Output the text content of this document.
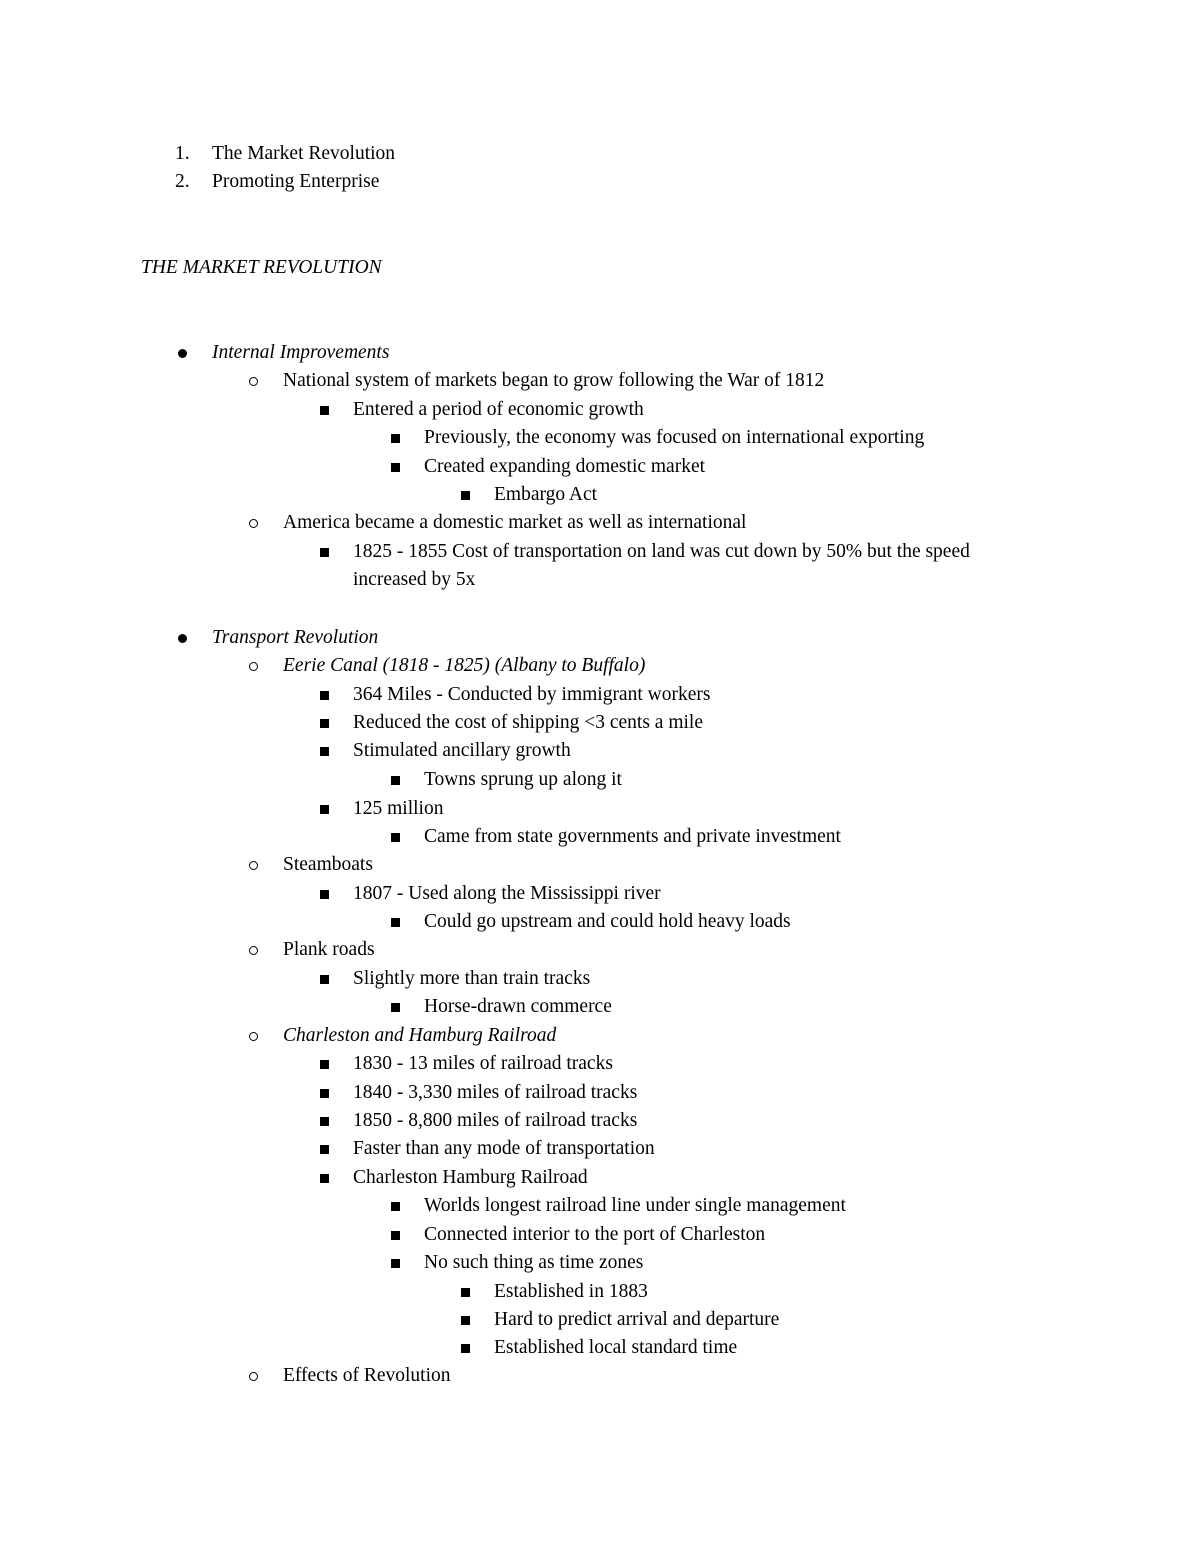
1. The Market Revolution
2. Promoting Enterprise
THE MARKET REVOLUTION
Internal Improvements
National system of markets began to grow following the War of 1812
Entered a period of economic growth
Previously, the economy was focused on international exporting
Created expanding domestic market
Embargo Act
America became a domestic market as well as international
1825 - 1855 Cost of transportation on land was cut down by 50% but the speed
increased by 5x
Transport Revolution
Eerie Canal (1818 - 1825) (Albany to Buffalo)
364 Miles - Conducted by immigrant workers
Reduced the cost of shipping <3 cents a mile
Stimulated ancillary growth
Towns sprung up along it
125 million
Came from state governments and private investment
Steamboats
1807 - Used along the Mississippi river
Could go upstream and could hold heavy loads
Plank roads
Slightly more than train tracks
Horse-drawn commerce
Charleston and Hamburg Railroad
1830 - 13 miles of railroad tracks
1840 - 3,330 miles of railroad tracks
1850 - 8,800 miles of railroad tracks
Faster than any mode of transportation
Charleston Hamburg Railroad
Worlds longest railroad line under single management
Connected interior to the port of Charleston
No such thing as time zones
Established in 1883
Hard to predict arrival and departure
Established local standard time
Effects of Revolution
